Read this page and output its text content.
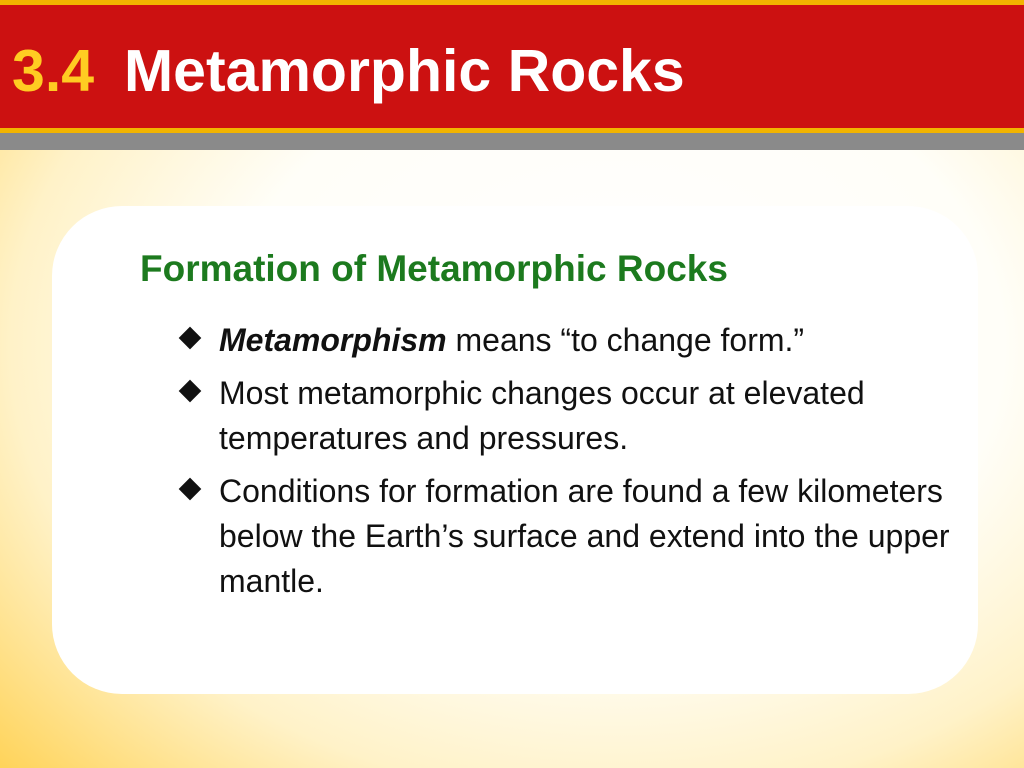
3.4 Metamorphic Rocks
Formation of Metamorphic Rocks
Metamorphism means “to change form.”
Most metamorphic changes occur at elevated temperatures and pressures.
Conditions for formation are found a few kilometers below the Earth’s surface and extend into the upper mantle.
